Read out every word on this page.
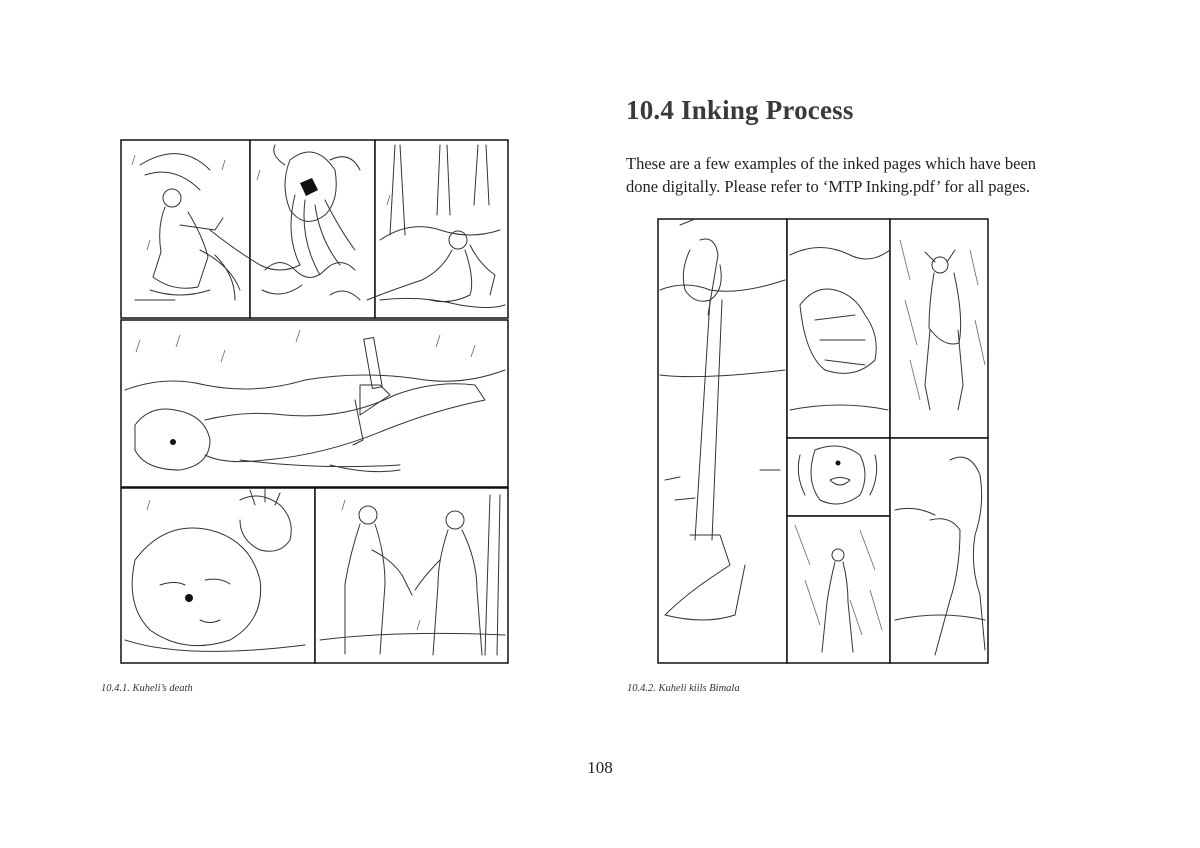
10.4 Inking Process

These are a few examples of the inked pages which have been done digitally. Please refer to ‘MTP Inking.pdf’ for all pages.

10.4.1. Kuheli’s death	10.4.2. Kuheli kiils Bimala
108
